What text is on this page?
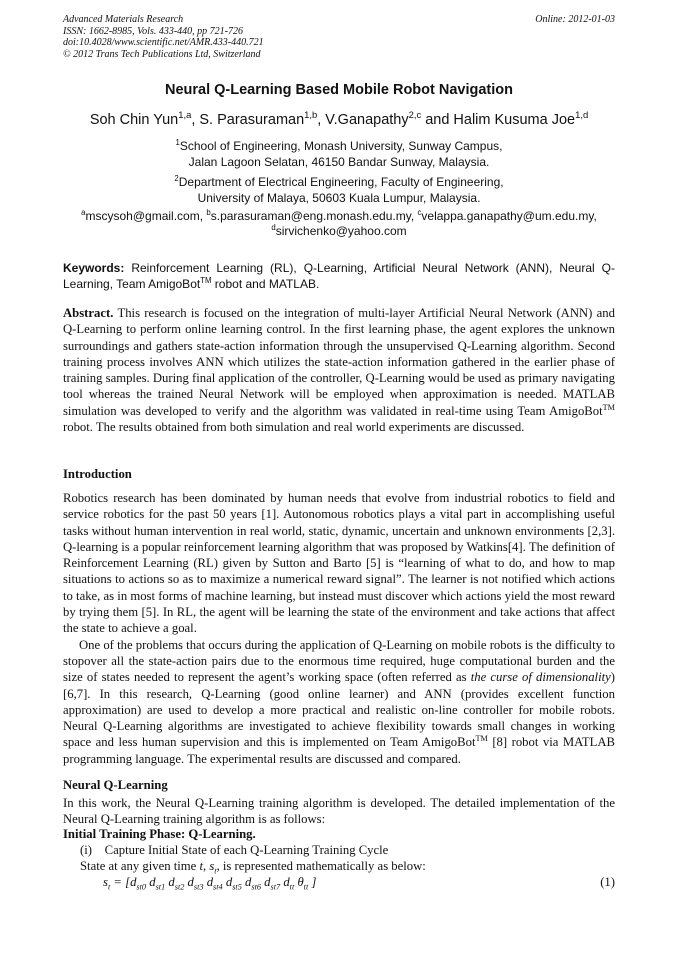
Advanced Materials Research
ISSN: 1662-8985, Vols. 433-440, pp 721-726
doi:10.4028/www.scientific.net/AMR.433-440.721
© 2012 Trans Tech Publications Ltd, Switzerland
Online: 2012-01-03
Neural Q-Learning Based Mobile Robot Navigation
Soh Chin Yun$^{1,a}$, S. Parasuraman$^{1,b}$, V.Ganapathy$^{2,c}$ and Halim Kusuma Joe$^{1,d}$
$^1$School of Engineering, Monash University, Sunway Campus,
Jalan Lagoon Selatan, 46150 Bandar Sunway, Malaysia.
$^2$Department of Electrical Engineering, Faculty of Engineering,
University of Malaya, 50603 Kuala Lumpur, Malaysia.
$^a$mscysoh@gmail.com, $^b$s.parasuraman@eng.monash.edu.my, $^c$velappa.ganapathy@um.edu.my,
$^d$sirvichenko@yahoo.com
Keywords: Reinforcement Learning (RL), Q-Learning, Artificial Neural Network (ANN), Neural Q-Learning, Team AmigoBot™ robot and MATLAB.
Abstract. This research is focused on the integration of multi-layer Artificial Neural Network (ANN) and Q-Learning to perform online learning control. In the first learning phase, the agent explores the unknown surroundings and gathers state-action information through the unsupervised Q-Learning algorithm. Second training process involves ANN which utilizes the state-action information gathered in the earlier phase of training samples. During final application of the controller, Q-Learning would be used as primary navigating tool whereas the trained Neural Network will be employed when approximation is needed. MATLAB simulation was developed to verify and the algorithm was validated in real-time using Team AmigoBot™ robot. The results obtained from both simulation and real world experiments are discussed.
Introduction

Robotics research has been dominated by human needs that evolve from industrial robotics to field and service robotics for the past 50 years [1]. Autonomous robotics plays a vital part in accomplishing useful tasks without human intervention in real world, static, dynamic, uncertain and unknown environments [2,3]. Q-learning is a popular reinforcement learning algorithm that was proposed by Watkins[4]. The definition of Reinforcement Learning (RL) given by Sutton and Barto [5] is “learning of what to do, and how to map situations to actions so as to maximize a numerical reward signal”. The learner is not notified which actions to take, as in most forms of machine learning, but instead must discover which actions yield the most reward by trying them [5]. In RL, the agent will be learning the state of the environment and take actions that affect the state to achieve a goal.

One of the problems that occurs during the application of Q-Learning on mobile robots is the difficulty to stopover all the state-action pairs due to the enormous time required, huge computational burden and the size of states needed to represent the agent’s working space (often referred as the curse of dimensionality) [6,7]. In this research, Q-Learning (good online learner) and ANN (provides excellent function approximation) are used to develop a more practical and realistic on-line controller for mobile robots. Neural Q-Learning algorithms are investigated to achieve flexibility towards small changes in working space and less human supervision and this is implemented on Team AmigoBot™ [8] robot via MATLAB programming language. The experimental results are discussed and compared.

Neural Q-Learning
In this work, the Neural Q-Learning training algorithm is developed. The detailed implementation of the Neural Q-Learning training algorithm is as follows:
Initial Training Phase: Q-Learning.
(i) Capture Initial State of each Q-Learning Training Cycle
State at any given time t, $s_t$, is represented mathematically as below:
$s_t = [d_{st0}$ $d_{st1}$ $d_{st2}$ $d_{st3}$ $d_{st4}$ $d_{st5}$ $d_{st6}$ $d_{st7}$ $d_{tt}$ $\theta_{tt}$ ]	(1)
